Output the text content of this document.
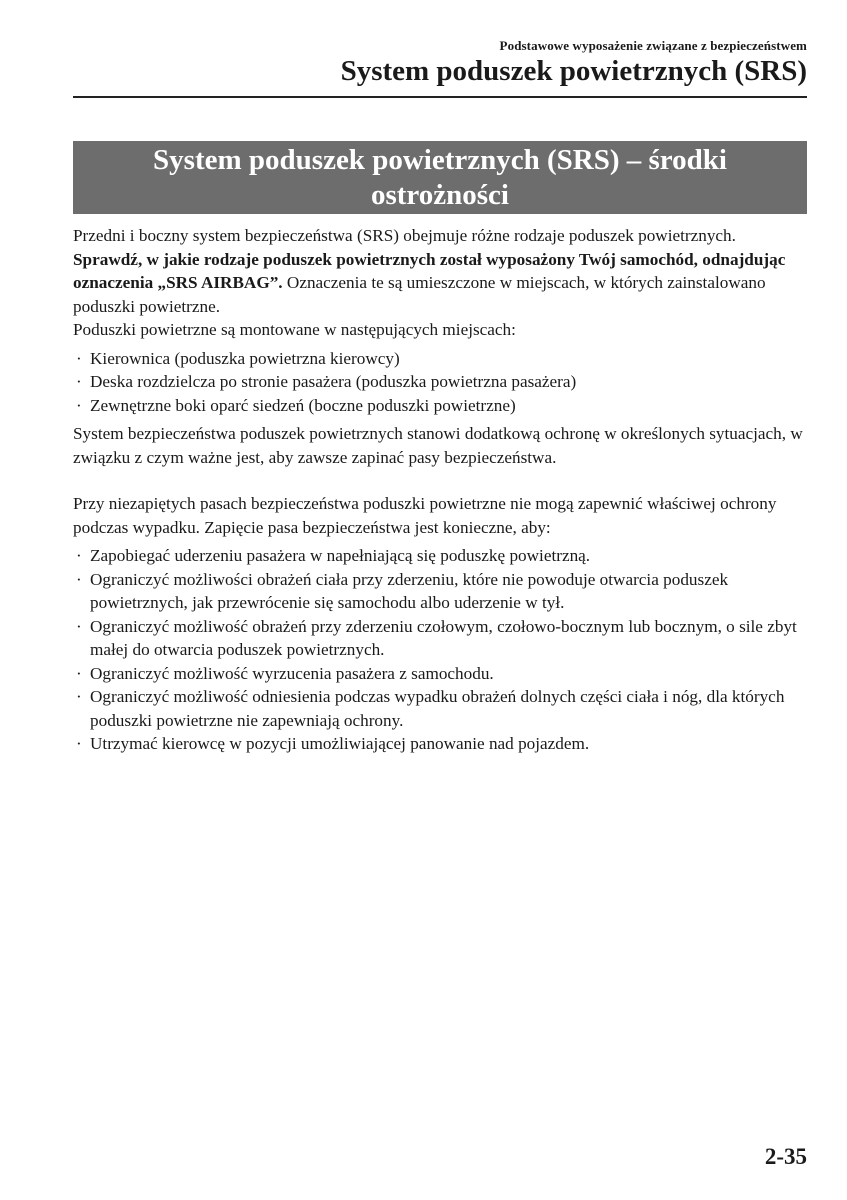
Podstawowe wyposażenie związane z bezpieczeństwem
System poduszek powietrznych (SRS)
System poduszek powietrznych (SRS) – środki ostrożności

Przedni i boczny system bezpieczeństwa (SRS) obejmuje różne rodzaje poduszek powietrznych. Sprawdź, w jakie rodzaje poduszek powietrznych został wyposażony Twój samochód, odnajdując oznaczenia „SRS AIRBAG”. Oznaczenia te są umieszczone w miejscach, w których zainstalowano poduszki powietrzne.

Poduszki powietrzne są montowane w następujących miejscach:

· Kierownica (poduszka powietrzna kierowcy)
· Deska rozdzielcza po stronie pasażera (poduszka powietrzna pasażera)
· Zewnętrzne boki oparć siedzeń (boczne poduszki powietrzne)

System bezpieczeństwa poduszek powietrznych stanowi dodatkową ochronę w określonych sytuacjach, w związku z czym ważne jest, aby zawsze zapinać pasy bezpieczeństwa.

Przy niezapiętych pasach bezpieczeństwa poduszki powietrzne nie mogą zapewnić właściwej ochrony podczas wypadku. Zapięcie pasa bezpieczeństwa jest konieczne, aby:

· Zapobiegać uderzeniu pasażera w napełniającą się poduszkę powietrzną.
· Ograniczyć możliwości obrażeń ciała przy zderzeniu, które nie powoduje otwarcia poduszek powietrznych, jak przewrócenie się samochodu albo uderzenie w tył.
· Ograniczyć możliwość obrażeń przy zderzeniu czołowym, czołowo-bocznym lub bocznym, o sile zbyt małej do otwarcia poduszek powietrznych.
· Ograniczyć możliwość wyrzucenia pasażera z samochodu.
· Ograniczyć możliwość odniesienia podczas wypadku obrażeń dolnych części ciała i nóg, dla których poduszki powietrzne nie zapewniają ochrony.
· Utrzymać kierowcę w pozycji umożliwiającej panowanie nad pojazdem.
2-35
